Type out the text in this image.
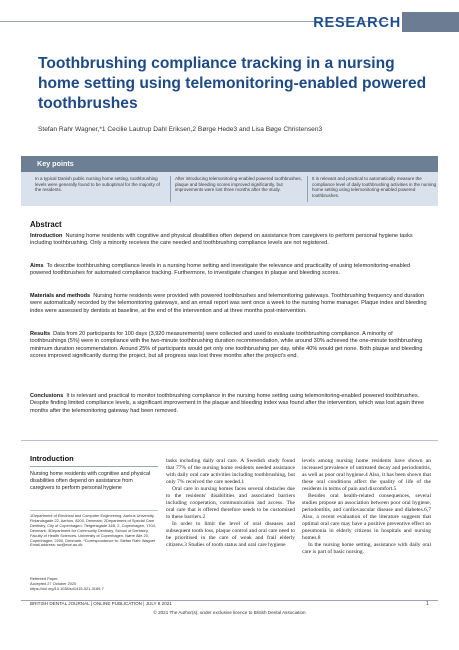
RESEARCH
Toothbrushing compliance tracking in a nursing home setting using telemonitoring-enabled powered toothbrushes
Stefan Rahr Wagner,*1 Cecilie Lautrup Dahl Eriksen,2 Børge Hede3 and Lisa Bøge Christensen3
Key points
In a typical Danish public nursing home setting, toothbrushing levels were generally found to be suboptimal for the majority of the residents.
After introducing telemonitoring-enabled powered toothbrushes, plaque and bleeding scores improved significantly, but improvements were lost three months after the study.
It is relevant and practical to automatically measure the compliance level of daily toothbrushing activities in the nursing home setting using telemonitoring-enabled powered toothbrushes.
Abstract

Introduction Nursing home residents with cognitive and physical disabilities often depend on assistance from caregivers to perform personal hygiene tasks including toothbrushing. Only a minority receives the care needed and toothbrushing compliance levels are not registered.

Aims To describe toothbrushing compliance levels in a nursing home setting and investigate the relevance and practicality of using telemonitoring-enabled powered toothbrushes for automated compliance tracking. Furthermore, to investigate changes in plaque and bleeding scores.

Materials and methods Nursing home residents were provided with powered toothbrushes and telemonitoring gateways. Toothbrushing frequency and duration were automatically recorded by the telemonitoring gateways, and an email report was sent once a week to the nursing home manager. Plaque index and bleeding index were assessed by dentists at baseline, at the end of the intervention and at three months post-intervention.

Results Data from 20 participants for 100 days (3,920 measurements) were collected and used to evaluate toothbrushing compliance. A minority of toothbrushings (5%) were in compliance with the two-minute toothbrushing duration recommendation, while around 30% achieved the one-minute toothbrushing minimum duration recommendation. Around 25% of participants would get only one toothbrushing per day, while 40% would get none. Both plaque and bleeding scores improved significantly during the project, but all progress was lost three months after the project's end.

Conclusions It is relevant and practical to monitor toothbrushing compliance in the nursing home setting using telemonitoring-enabled powered toothbrushes. Despite finding limited compliance levels, a significant improvement in the plaque and bleeding index was found after the intervention, which was lost again three months after the telemonitoring gateway had been removed.

Introduction

Nursing home residents with cognitive and physical disabilities often depend on assistance from caregivers to perform personal hygiene

1Department of Electrical and Computer Engineering, Aarhus University, Finlandsgade 22, Aarhus, 8200, Denmark; 2Department of Special Care Dentistry, City of Copenhagen, Tietgensgade 31B, 2, Copenhagen, 1704, Denmark; 3Department for Community Dentistry, School of Dentistry, Faculty of Health Sciences, University of Copenhagen, Nørre Allé 20, Copenhagen, 2200, Denmark. *Correspondence to: Stefan Rahr Wagner Email address: sw@ece.au.dk

Refereed Paper.
Accepted 27 October 2020
https://doi.org/10.1038/s41415-021-3169-7

tasks including daily oral care. A Swedish study found that 77% of the nursing home residents needed assistance with daily oral care activities including toothbrushing, but only 7% received the care needed.1

Oral care in nursing homes faces several obstacles due to the residents' disabilities and associated barriers including cooperation, communication and access. The oral care that is offered therefore needs to be customised to these barriers.2

In order to limit the level of oral diseases and subsequent tooth loss, plaque control and oral care need to be prioritised in the care of weak and frail elderly citizens.3 Studies of tooth status and oral care hygiene

levels among nursing home residents have shown an increased prevalence of untreated decay and periodontitis, as well as poor oral hygiene.4 Also, it has been shown that these oral conditions affect the quality of life of the residents in terms of pain and discomfort.5

Besides oral health-related consequences, several studies propose an association between poor oral hygiene, periodontitis, and cardiovascular disease and diabetes.6,7 Also, a recent evaluation of the literature suggests that optimal oral care may have a positive preventive effect on pneumonia in elderly citizens in hospitals and nursing homes.8

In the nursing home setting, assistance with daily oral care is part of basic nursing.

BRITISH DENTAL JOURNAL | ONLINE PUBLICATION | JULY 8 2021	1
© 2021 The Author(s), under exclusive licence to British Dental Association
